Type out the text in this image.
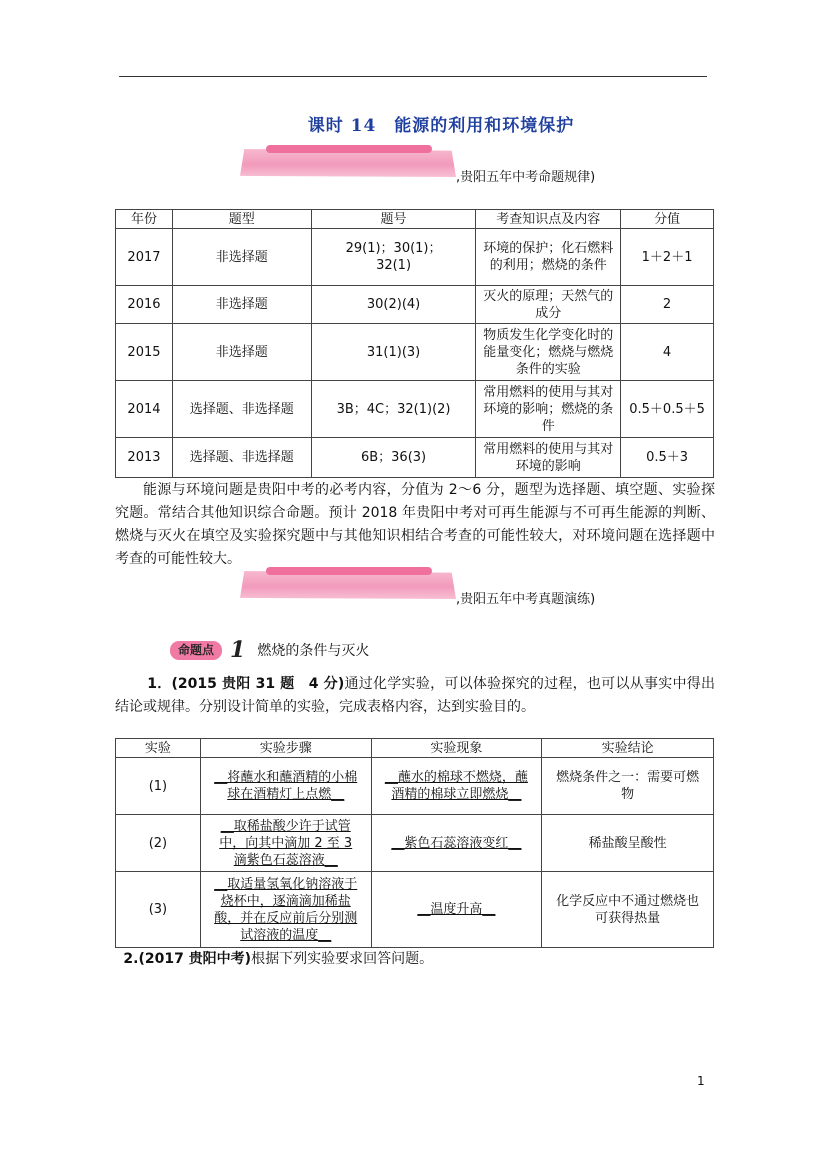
课时 14　能源的利用和环境保护
,贵阳五年中考命题规律)
年份	题型	题号	考查知识点及内容	分值
2017	非选择题	29(1)；30(1)；32(1)	环境的保护；化石燃料的利用；燃烧的条件	1＋2＋1
2016	非选择题	30(2)(4)	灭火的原理；天然气的成分	2
2015	非选择题	31(1)(3)	物质发生化学变化时的能量变化；燃烧与燃烧条件的实验	4
2014	选择题、非选择题	3B；4C；32(1)(2)	常用燃料的使用与其对环境的影响；燃烧的条件	0.5＋0.5＋5
2013	选择题、非选择题	6B；36(3)	常用燃料的使用与其对环境的影响	0.5＋3
能源与环境问题是贵阳中考的必考内容，分值为 2～6 分，题型为选择题、填空题、实验探究题。常结合其他知识综合命题。预计 2018 年贵阳中考对可再生能源与不可再生能源的判断、燃烧与灭火在填空及实验探究题中与其他知识相结合考查的可能性较大，对环境问题在选择题中考查的可能性较大。
,贵阳五年中考真题演练)
命题点 1 燃烧的条件与灭火
1．(2015 贵阳 31 题　4 分)通过化学实验，可以体验探究的过程，也可以从事实中得出结论或规律。分别设计简单的实验，完成表格内容，达到实验目的。
实验	实验步骤	实验现象	实验结论
(1)	__将蘸水和蘸酒精的小棉球在酒精灯上点燃__	__蘸水的棉球不燃烧，蘸酒精的棉球立即燃烧__	燃烧条件之一：需要可燃物
(2)	__取稀盐酸少许于试管中，向其中滴加 2 至 3 滴紫色石蕊溶液__	__紫色石蕊溶液变红__	稀盐酸呈酸性
(3)	__取适量氢氧化钠溶液于烧杯中，逐滴滴加稀盐酸，并在反应前后分别测试溶液的温度__	__温度升高__	化学反应中不通过燃烧也可获得热量
2.(2017 贵阳中考)根据下列实验要求回答问题。
1
